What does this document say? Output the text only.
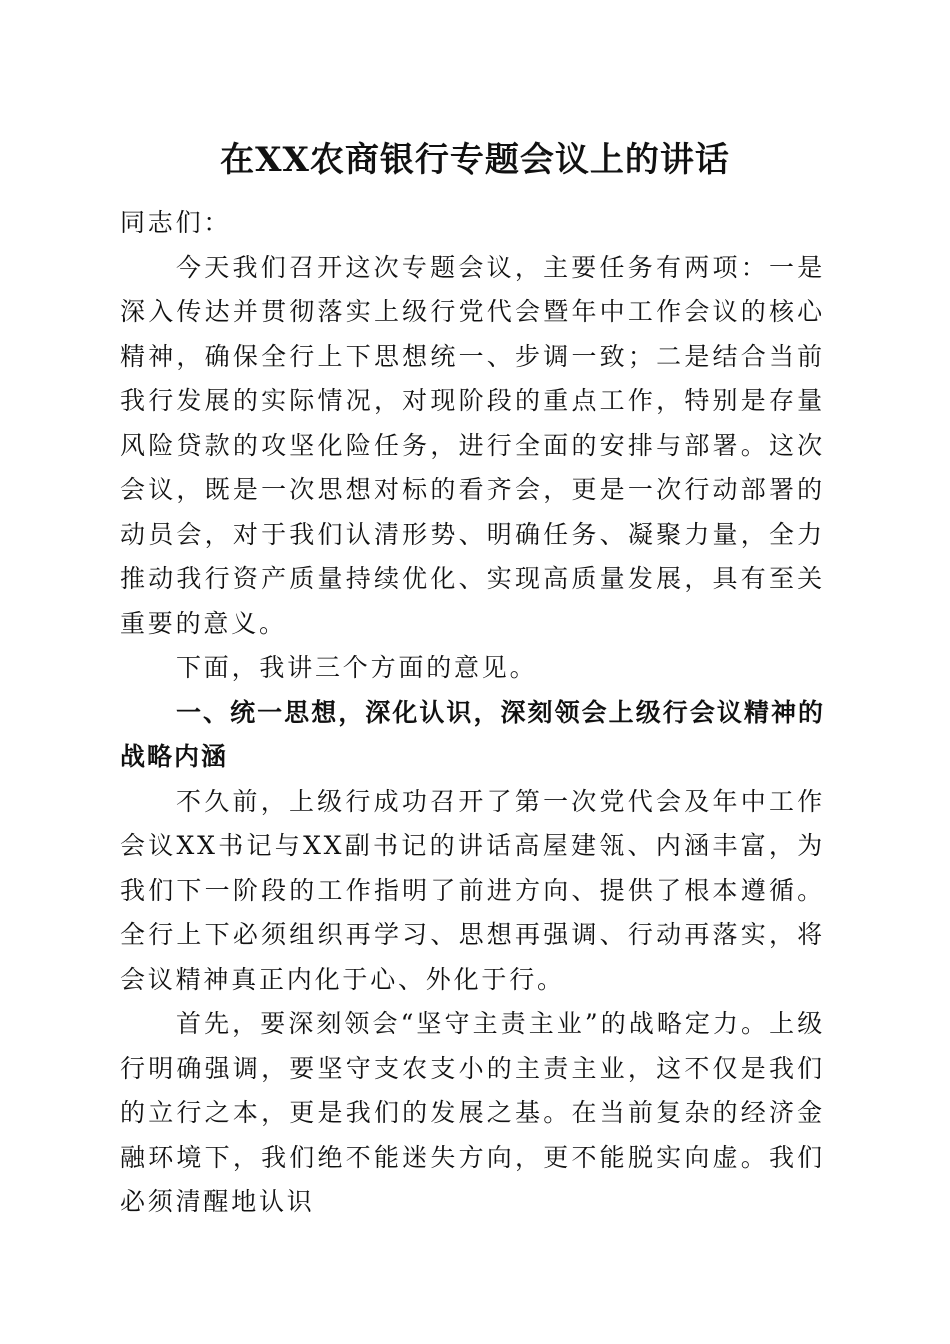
在XX农商银行专题会议上的讲话

同志们：

今天我们召开这次专题会议，主要任务有两项：一是深入传达并贯彻落实上级行党代会暨年中工作会议的核心精神，确保全行上下思想统一、步调一致；二是结合当前我行发展的实际情况，对现阶段的重点工作，特别是存量风险贷款的攻坚化险任务，进行全面的安排与部署。这次会议，既是一次思想对标的看齐会，更是一次行动部署的动员会，对于我们认清形势、明确任务、凝聚力量，全力推动我行资产质量持续优化、实现高质量发展，具有至关重要的意义。

下面，我讲三个方面的意见。

一、统一思想，深化认识，深刻领会上级行会议精神的战略内涵

不久前，上级行成功召开了第一次党代会及年中工作会议XX书记与XX副书记的讲话高屋建瓴、内涵丰富，为我们下一阶段的工作指明了前进方向、提供了根本遵循。全行上下必须组织再学习、思想再强调、行动再落实，将会议精神真正内化于心、外化于行。

首先，要深刻领会“坚守主责主业”的战略定力。上级行明确强调，要坚守支农支小的主责主业，这不仅是我们的立行之本，更是我们的发展之基。在当前复杂的经济金融环境下，我们绝不能迷失方向，更不能脱实向虚。我们必须清醒地认识
